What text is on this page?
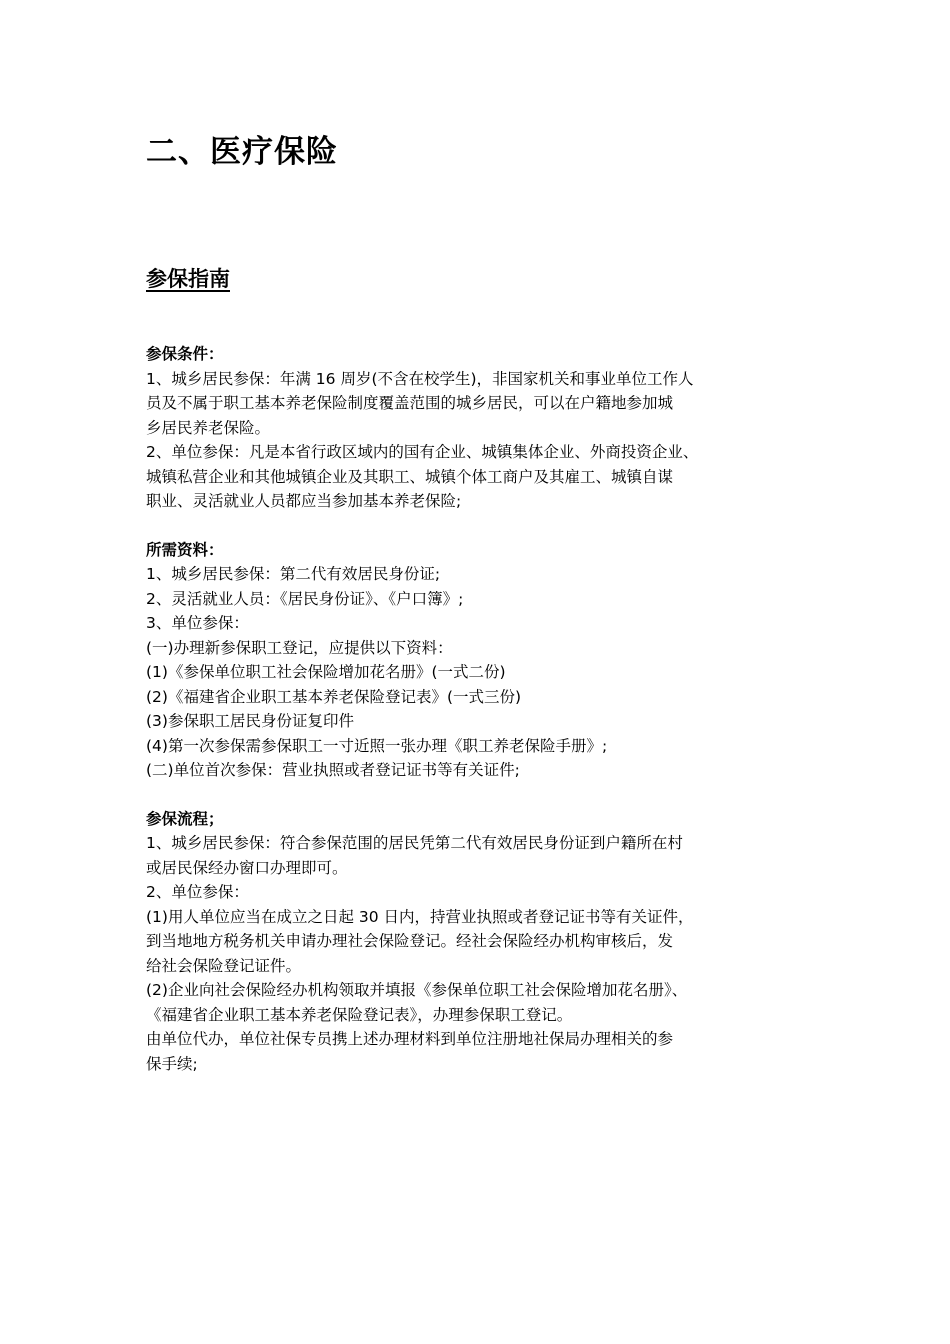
二、医疗保险
参保指南
参保条件：
1、城乡居民参保：年满 16 周岁(不含在校学生)，非国家机关和事业单位工作人
员及不属于职工基本养老保险制度覆盖范围的城乡居民，可以在户籍地参加城
乡居民养老保险。
2、单位参保：凡是本省行政区域内的国有企业、城镇集体企业、外商投资企业、
城镇私营企业和其他城镇企业及其职工、城镇个体工商户及其雇工、城镇自谋
职业、灵活就业人员都应当参加基本养老保险;
所需资料：
1、城乡居民参保：第二代有效居民身份证;
2、灵活就业人员：《居民身份证》、《户口簿》;
3、单位参保：
(一)办理新参保职工登记，应提供以下资料：
(1)《参保单位职工社会保险增加花名册》(一式二份)
(2)《福建省企业职工基本养老保险登记表》(一式三份)
(3)参保职工居民身份证复印件
(4)第一次参保需参保职工一寸近照一张办理《职工养老保险手册》;
(二)单位首次参保：营业执照或者登记证书等有关证件;
参保流程；
1、城乡居民参保：符合参保范围的居民凭第二代有效居民身份证到户籍所在村
或居民保经办窗口办理即可。
2、单位参保：
(1)用人单位应当在成立之日起 30 日内，持营业执照或者登记证书等有关证件，
到当地地方税务机关申请办理社会保险登记。经社会保险经办机构审核后，发
给社会保险登记证件。
(2)企业向社会保险经办机构领取并填报《参保单位职工社会保险增加花名册》、
《福建省企业职工基本养老保险登记表》，办理参保职工登记。
由单位代办，单位社保专员携上述办理材料到单位注册地社保局办理相关的参
保手续;
